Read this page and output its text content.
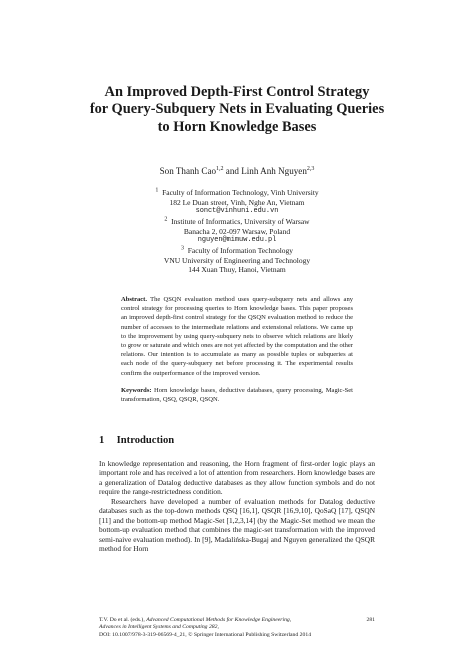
An Improved Depth-First Control Strategy
for Query-Subquery Nets in Evaluating Queries
to Horn Knowledge Bases
Son Thanh Cao$^{1,2}$ and Linh Anh Nguyen$^{2,3}$
$^1$ Faculty of Information Technology, Vinh University
182 Le Duan street, Vinh, Nghe An, Vietnam
sonct@vinhuni.edu.vn
$^2$ Institute of Informatics, University of Warsaw
Banacha 2, 02-097 Warsaw, Poland
nguyen@mimuw.edu.pl
$^3$ Faculty of Information Technology
VNU University of Engineering and Technology
144 Xuan Thuy, Hanoi, Vietnam
Abstract. The QSQN evaluation method uses query-subquery nets and allows any control strategy for processing queries to Horn knowledge bases. This paper proposes an improved depth-first control strategy for the QSQN evaluation method to reduce the number of accesses to the intermediate relations and extensional relations. We came up to the improvement by using query-subquery nets to observe which relations are likely to grow or saturate and which ones are not yet affected by the computation and the other relations. Our intention is to accumulate as many as possible tuples or subqueries at each node of the query-subquery net before processing it. The experimental results confirm the outperformance of the improved version.
Keywords: Horn knowledge bases, deductive databases, query processing, Magic-Set transformation, QSQ, QSQR, QSQN.
1 Introduction

In knowledge representation and reasoning, the Horn fragment of first-order logic plays an important role and has received a lot of attention from researchers. Horn knowledge bases are a generalization of Datalog deductive databases as they allow function symbols and do not require the range-restrictedness condition.

Researchers have developed a number of evaluation methods for Datalog deductive databases such as the top-down methods QSQ [16,1], QSQR [16,9,10], QoSaQ [17], QSQN [11] and the bottom-up method Magic-Set [1,2,3,14] (by the Magic-Set method we mean the bottom-up evaluation method that combines the magic-set transformation with the improved semi-naive evaluation method). In [9], Madalińska-Bugaj and Nguyen generalized the QSQR method for Horn

T.V. Do et al. (eds.), Advanced Computational Methods for Knowledge Engineering,	281
Advances in Intelligent Systems and Computing 282,
DOI: 10.1007/978-3-319-06569-4_21, © Springer International Publishing Switzerland 2014
